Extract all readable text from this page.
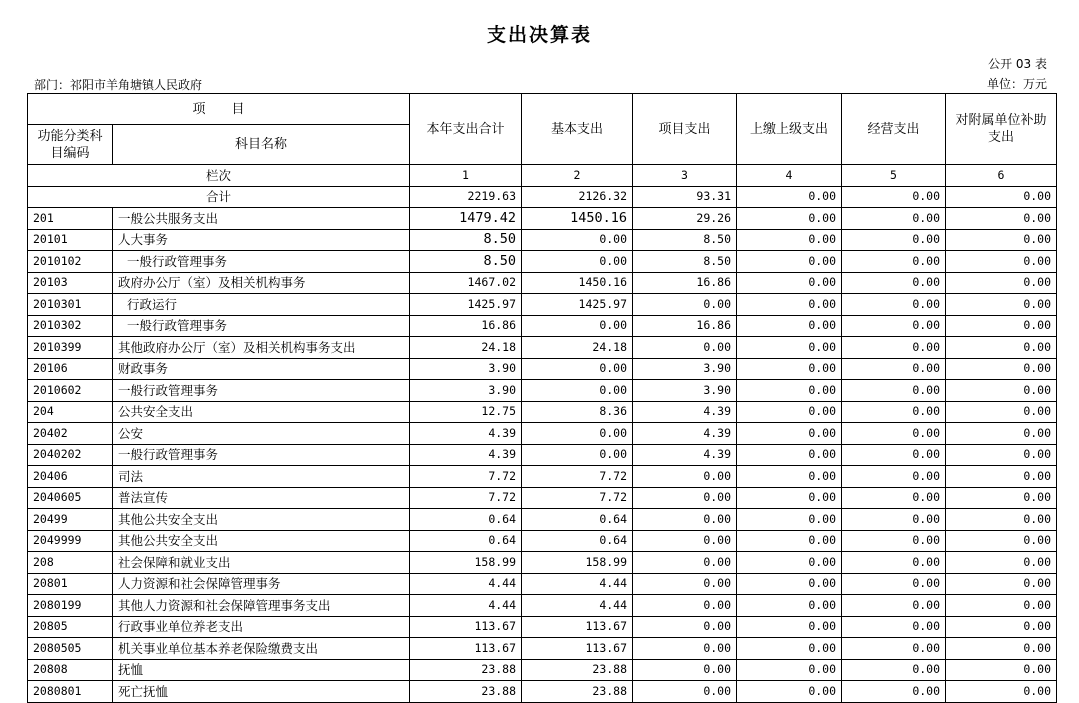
支出决算表
公开 03 表
部门：祁阳市羊角塘镇人民政府	单位：万元
项　　目		本年支出合计	基本支出	项目支出	上缴上级支出	经营支出	对附属单位补助支出
功能分类科目编码	科目名称						
栏次		1	2	3	4	5	6
合计		2219.63	2126.32	93.31	0.00	0.00	0.00
201	一般公共服务支出	1479.42	1450.16	29.26	0.00	0.00	0.00
20101	人大事务	8.50	0.00	8.50	0.00	0.00	0.00
2010102	一般行政管理事务	8.50	0.00	8.50	0.00	0.00	0.00
20103	政府办公厅（室）及相关机构事务	1467.02	1450.16	16.86	0.00	0.00	0.00
2010301	行政运行	1425.97	1425.97	0.00	0.00	0.00	0.00
2010302	一般行政管理事务	16.86	0.00	16.86	0.00	0.00	0.00
2010399	其他政府办公厅（室）及相关机构事务支出	24.18	24.18	0.00	0.00	0.00	0.00
20106	财政事务	3.90	0.00	3.90	0.00	0.00	0.00
2010602	一般行政管理事务	3.90	0.00	3.90	0.00	0.00	0.00
204	公共安全支出	12.75	8.36	4.39	0.00	0.00	0.00
20402	公安	4.39	0.00	4.39	0.00	0.00	0.00
2040202	一般行政管理事务	4.39	0.00	4.39	0.00	0.00	0.00
20406	司法	7.72	7.72	0.00	0.00	0.00	0.00
2040605	普法宣传	7.72	7.72	0.00	0.00	0.00	0.00
20499	其他公共安全支出	0.64	0.64	0.00	0.00	0.00	0.00
2049999	其他公共安全支出	0.64	0.64	0.00	0.00	0.00	0.00
208	社会保障和就业支出	158.99	158.99	0.00	0.00	0.00	0.00
20801	人力资源和社会保障管理事务	4.44	4.44	0.00	0.00	0.00	0.00
2080199	其他人力资源和社会保障管理事务支出	4.44	4.44	0.00	0.00	0.00	0.00
20805	行政事业单位养老支出	113.67	113.67	0.00	0.00	0.00	0.00
2080505	机关事业单位基本养老保险缴费支出	113.67	113.67	0.00	0.00	0.00	0.00
20808	抚恤	23.88	23.88	0.00	0.00	0.00	0.00
2080801	死亡抚恤	23.88	23.88	0.00	0.00	0.00	0.00
